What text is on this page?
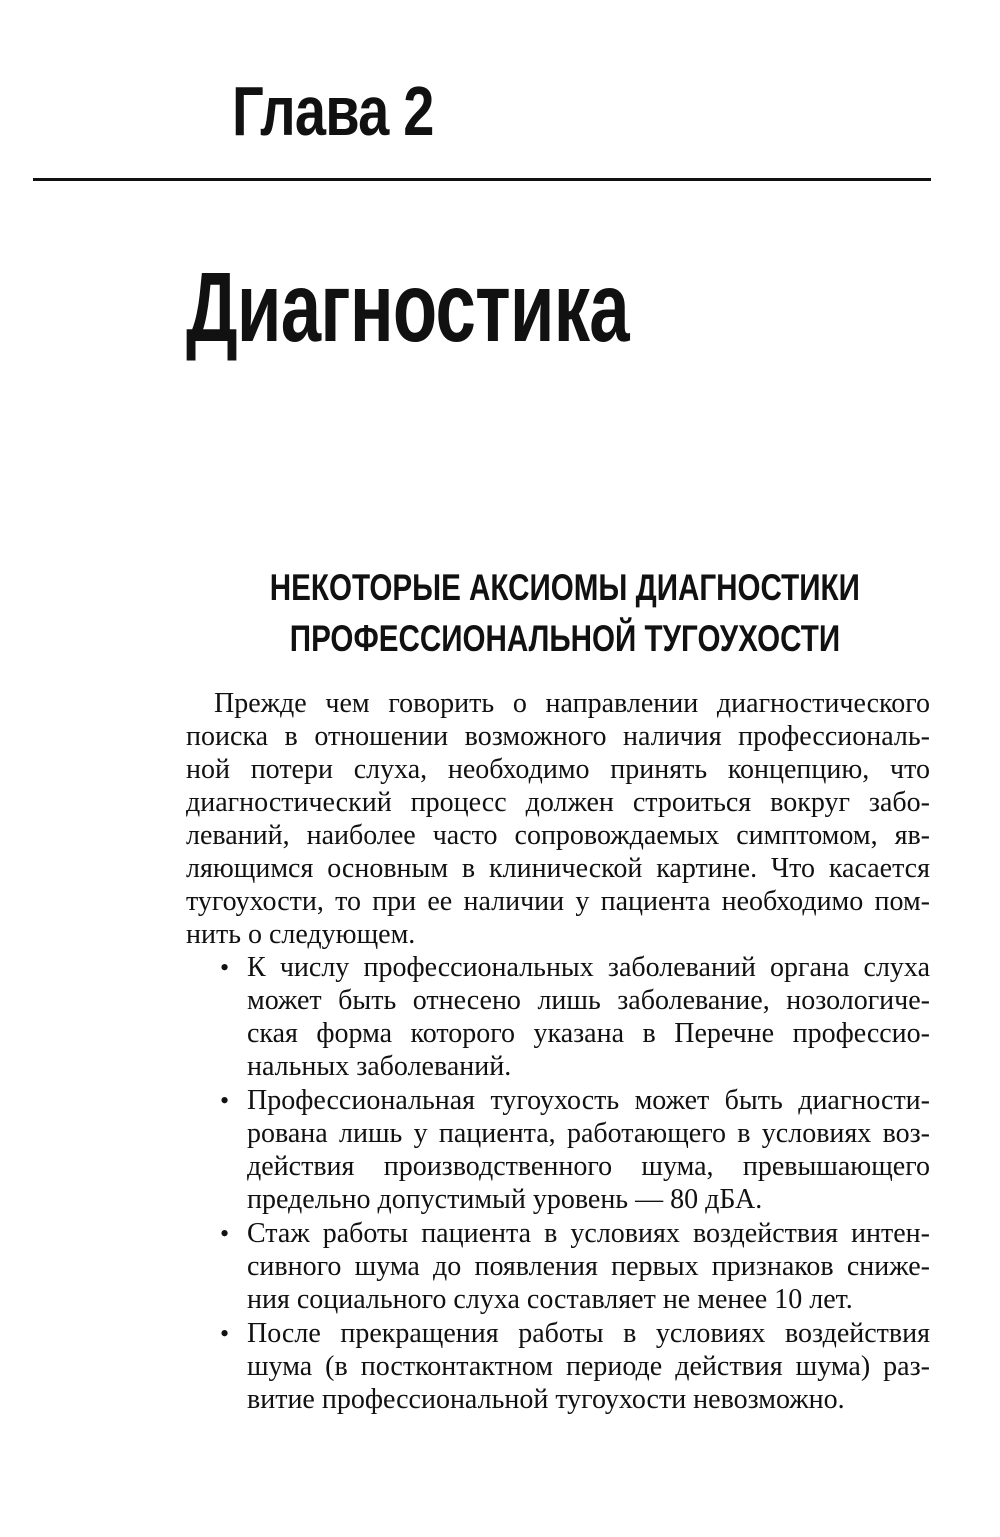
Глава 2
Диагностика
НЕКОТОРЫЕ АКСИОМЫ ДИАГНОСТИКИ
ПРОФЕССИОНАЛЬНОЙ ТУГОУХОСТИ

Прежде чем говорить о направлении диагностического

поиска в отношении возможного наличия профессиональ-

ной потери слуха, необходимо принять концепцию, что

диагностический процесс должен строиться вокруг забо-

леваний, наиболее часто сопровождаемых симптомом, яв-

ляющимся основным в клинической картине. Что касается

тугоухости, то при ее наличии у пациента необходимо пом-

нить о следующем.

• К числу профессиональных заболеваний органа слуха

может быть отнесено лишь заболевание, нозологиче-

ская форма которого указана в Перечне профессио-

нальных заболеваний.

• Профессиональная тугоухость может быть диагности-

рована лишь у пациента, работающего в условиях воз-

действия производственного шума, превышающего

предельно допустимый уровень — 80 дБА.

• Стаж работы пациента в условиях воздействия интен-

сивного шума до появления первых признаков сниже-

ния социального слуха составляет не менее 10 лет.

• После прекращения работы в условиях воздействия

шума (в постконтактном периоде действия шума) раз-

витие профессиональной тугоухости невозможно.
